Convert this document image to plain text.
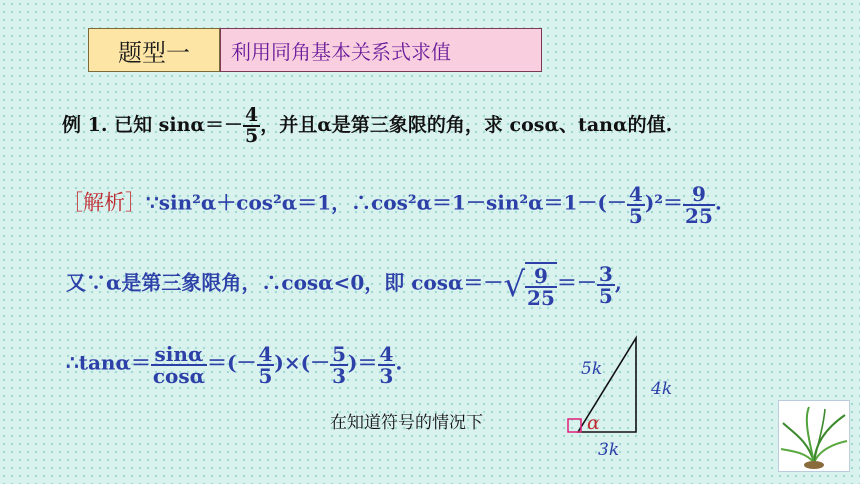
题型一 利用同角基本关系式求值
例 1. 已知 $\sin\alpha=- \frac{4}{5}$ ，并且α是第三象限的角，求 cosα、tanα的值.
［解析］∵sin²α＋cos²α＝1，∴cos²α＝1－sin²α＝1－(－ $\frac{4}{5} )^2= \frac{9}{25}$ .
又∵α是第三象限角，∴cosα<0，即 $\cos\alpha=-√ \frac{9}{25} =- \frac{3}{5}$ ,
∴tanα＝ $\frac{\sin\alpha}{\cos\alpha}$ ＝(－ $\frac{4}{5}$ )×(－ $\frac{5}{3}$ )＝ $\frac{4}{3}$ .
在知道符号的情况下
5k
4k
3k
α
